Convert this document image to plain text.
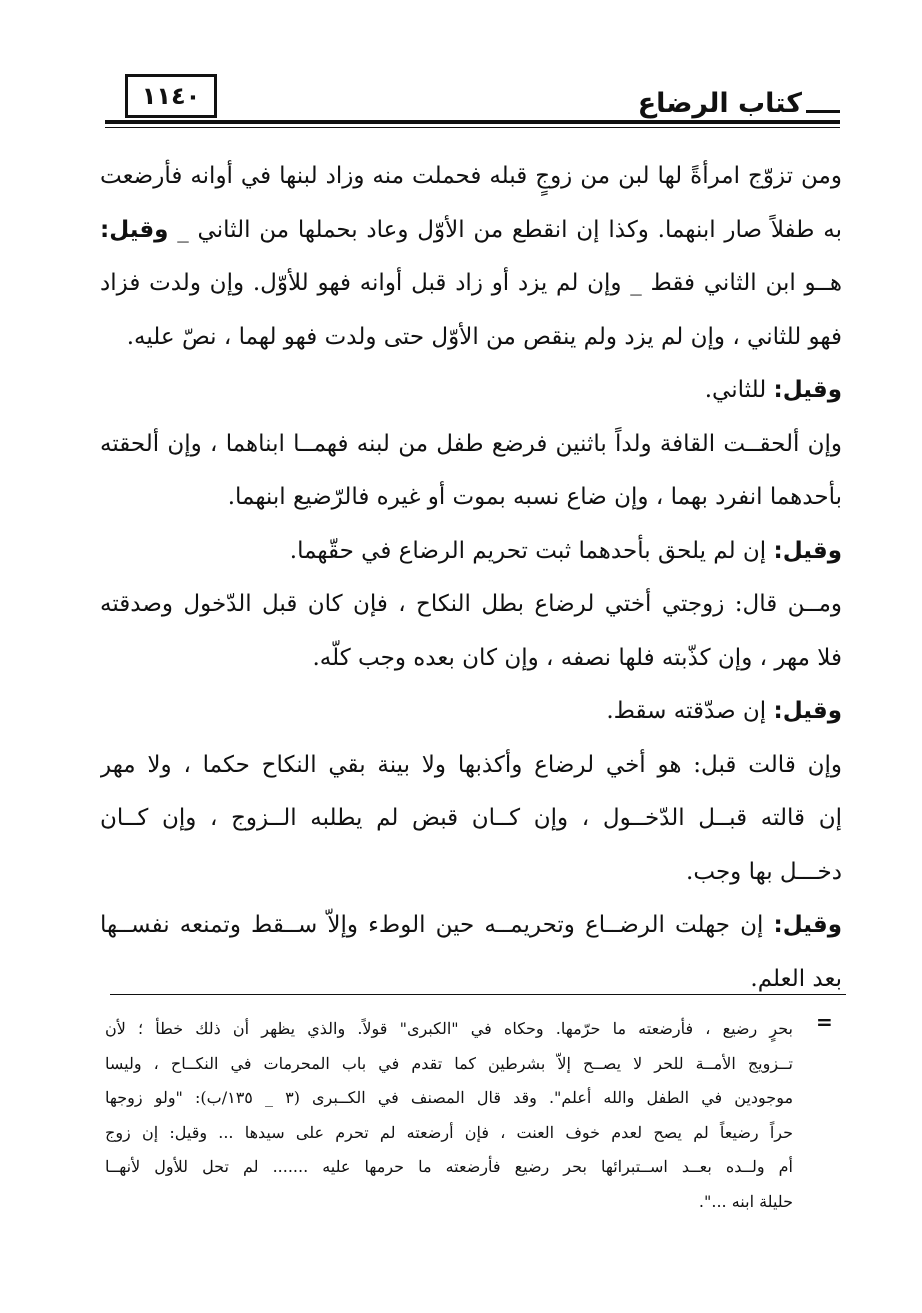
١١٤٠	كتاب الرضاع
ومن تزوّج امرأةً لها لبن من زوجٍ قبله فحملت منه وزاد لبنها في أوانه فأرضعت
به طفلاً صار ابنهما. وكذا إن انقطع من الأوّل وعاد بحملها من الثاني _ وقيل:
هــو ابن الثاني فقط _ وإن لم يزد أو زاد قبل أوانه فهو للأوّل. وإن ولدت فزاد
فهو للثاني ، وإن لم يزد ولم ينقص من الأوّل حتى ولدت فهو لهما ، نصّ عليه.
وقيل: للثاني.
وإن ألحقــت القافة ولداً باثنين فرضع طفل من لبنه فهمــا ابناهما ، وإن ألحقته
بأحدهما انفرد بهما ، وإن ضاع نسبه بموت أو غيره فالرّضيع ابنهما.
وقيل: إن لم يلحق بأحدهما ثبت تحريم الرضاع في حقّهما.
ومــن قال: زوجتي أختي لرضاع بطل النكاح ، فإن كان قبل الدّخول وصدقته
فلا مهر ، وإن كذّبته فلها نصفه ، وإن كان بعده وجب كلّه.
وقيل: إن صدّقته سقط.
وإن قالت قبل: هو أخي لرضاع وأكذبها ولا بينة بقي النكاح حكما ، ولا مهر
إن قالته قبــل الدّخــول ، وإن كــان قبض لم يطلبه الــزوج ، وإن كــان
دخـــل بها وجب.
وقيل: إن جهلت الرضــاع وتحريمــه حين الوطء وإلاّ ســقط وتمنعه نفســها
بعد العلم.
=
بحرٍ رضيع ، فأرضعته ما حرّمها. وحكاه في "الكبرى" قولاً. والذي يظهر أن ذلك خطأ ؛ لأن
تــزويج الأمــة للحر لا يصــح إلاّ بشرطين كما تقدم في باب المحرمات في النكــاح ، وليسا
موجودين في الطفل والله أعلم". وقد قال المصنف في الكــبرى (٣ _ ١٣٥/ب): "ولو زوجها
حراً رضيعاً لم يصح لعدم خوف العنت ، فإن أرضعته لم تحرم على سيدها ... وقيل: إن زوج
أم ولــده بعــد اســتبرائها بحر رضيع فأرضعته ما حرمها عليه ....... لم تحل للأول لأنهــا
حليلة ابنه ...".
